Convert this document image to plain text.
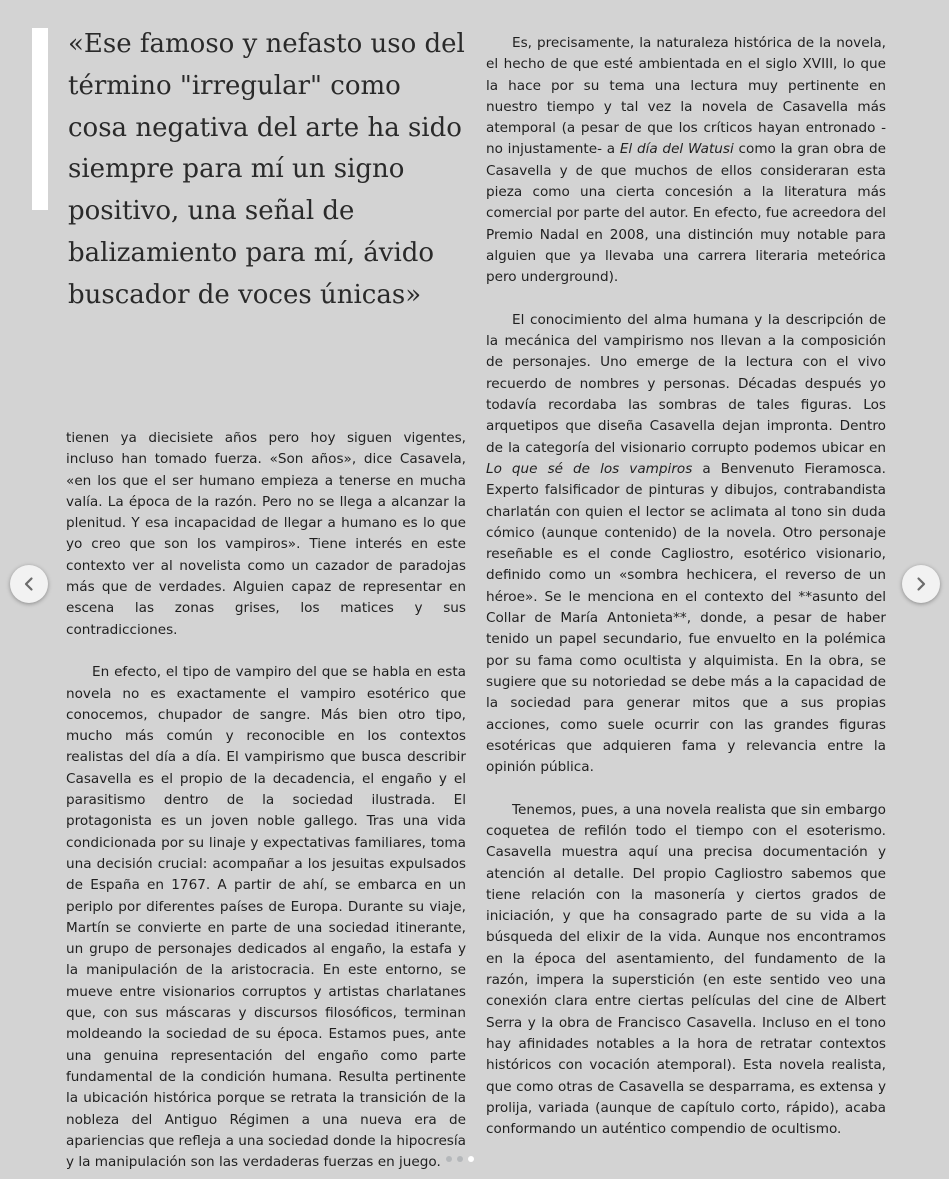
«Ese famoso y nefasto uso del término "irregular" como cosa negativa del arte ha sido siempre para mí un signo positivo, una señal de balizamiento para mí, ávido buscador de voces únicas»

tienen ya diecisiete años pero hoy siguen vigentes, incluso han tomado fuerza. «Son años», dice Casavela, «en los que el ser humano empieza a tenerse en mucha valía. La época de la razón. Pero no se llega a alcanzar la plenitud. Y esa incapacidad de llegar a humano es lo que yo creo que son los vampiros». Tiene interés en este contexto ver al novelista como un cazador de paradojas más que de verdades. Alguien capaz de representar en escena las zonas grises, los matices y sus contradicciones.

En efecto, el tipo de vampiro del que se habla en esta novela no es exactamente el vampiro esotérico que conocemos, chupador de sangre. Más bien otro tipo, mucho más común y reconocible en los contextos realistas del día a día. El vampirismo que busca describir Casavella es el propio de la decadencia, el engaño y el parasitismo dentro de la sociedad ilustrada. El protagonista es un joven noble gallego. Tras una vida condicionada por su linaje y expectativas familiares, toma una decisión crucial: acompañar a los jesuitas expulsados de España en 1767. A partir de ahí, se embarca en un periplo por diferentes países de Europa. Durante su viaje, Martín se convierte en parte de una sociedad itinerante, un grupo de personajes dedicados al engaño, la estafa y la manipulación de la aristocracia. En este entorno, se mueve entre visionarios corruptos y artistas charlatanes que, con sus máscaras y discursos filosóficos, terminan moldeando la sociedad de su época. Estamos pues, ante una genuina representación del engaño como parte fundamental de la condición humana. Resulta pertinente la ubicación histórica porque se retrata la transición de la nobleza del Antiguo Régimen a una nueva era de apariencias que refleja a una sociedad donde la hipocresía y la manipulación son las verdaderas fuerzas en juego.

Es, precisamente, la naturaleza histórica de la novela, el hecho de que esté ambientada en el siglo XVIII, lo que la hace por su tema una lectura muy pertinente en nuestro tiempo y tal vez la novela de Casavella más atemporal (a pesar de que los críticos hayan entronado -no injustamente- a El día del Watusi como la gran obra de Casavella y de que muchos de ellos consideraran esta pieza como una cierta concesión a la literatura más comercial por parte del autor. En efecto, fue acreedora del Premio Nadal en 2008, una distinción muy notable para alguien que ya llevaba una carrera literaria meteórica pero underground).

El conocimiento del alma humana y la descripción de la mecánica del vampirismo nos llevan a la composición de personajes. Uno emerge de la lectura con el vivo recuerdo de nombres y personas. Décadas después yo todavía recordaba las sombras de tales figuras. Los arquetipos que diseña Casavella dejan impronta. Dentro de la categoría del visionario corrupto podemos ubicar en Lo que sé de los vampiros a Benvenuto Fieramosca. Experto falsificador de pinturas y dibujos, contrabandista charlatán con quien el lector se aclimata al tono sin duda cómico (aunque contenido) de la novela. Otro personaje reseñable es el conde Cagliostro, esotérico visionario, definido como un «sombra hechicera, el reverso de un héroe». Se le menciona en el contexto del **asunto del Collar de María Antonieta**, donde, a pesar de haber tenido un papel secundario, fue envuelto en la polémica por su fama como ocultista y alquimista. En la obra, se sugiere que su notoriedad se debe más a la capacidad de la sociedad para generar mitos que a sus propias acciones, como suele ocurrir con las grandes figuras esotéricas que adquieren fama y relevancia entre la opinión pública.

Tenemos, pues, a una novela realista que sin embargo coquetea de refilón todo el tiempo con el esoterismo. Casavella muestra aquí una precisa documentación y atención al detalle. Del propio Cagliostro sabemos que tiene relación con la masonería y ciertos grados de iniciación, y que ha consagrado parte de su vida a la búsqueda del elixir de la vida. Aunque nos encontramos en la época del asentamiento, del fundamento de la razón, impera la superstición (en este sentido veo una conexión clara entre ciertas películas del cine de Albert Serra y la obra de Francisco Casavella. Incluso en el tono hay afinidades notables a la hora de retratar contextos históricos con vocación atemporal). Esta novela realista, que como otras de Casavella se desparrama, es extensa y prolija, variada (aunque de capítulo corto, rápido), acaba conformando un auténtico compendio de ocultismo.
